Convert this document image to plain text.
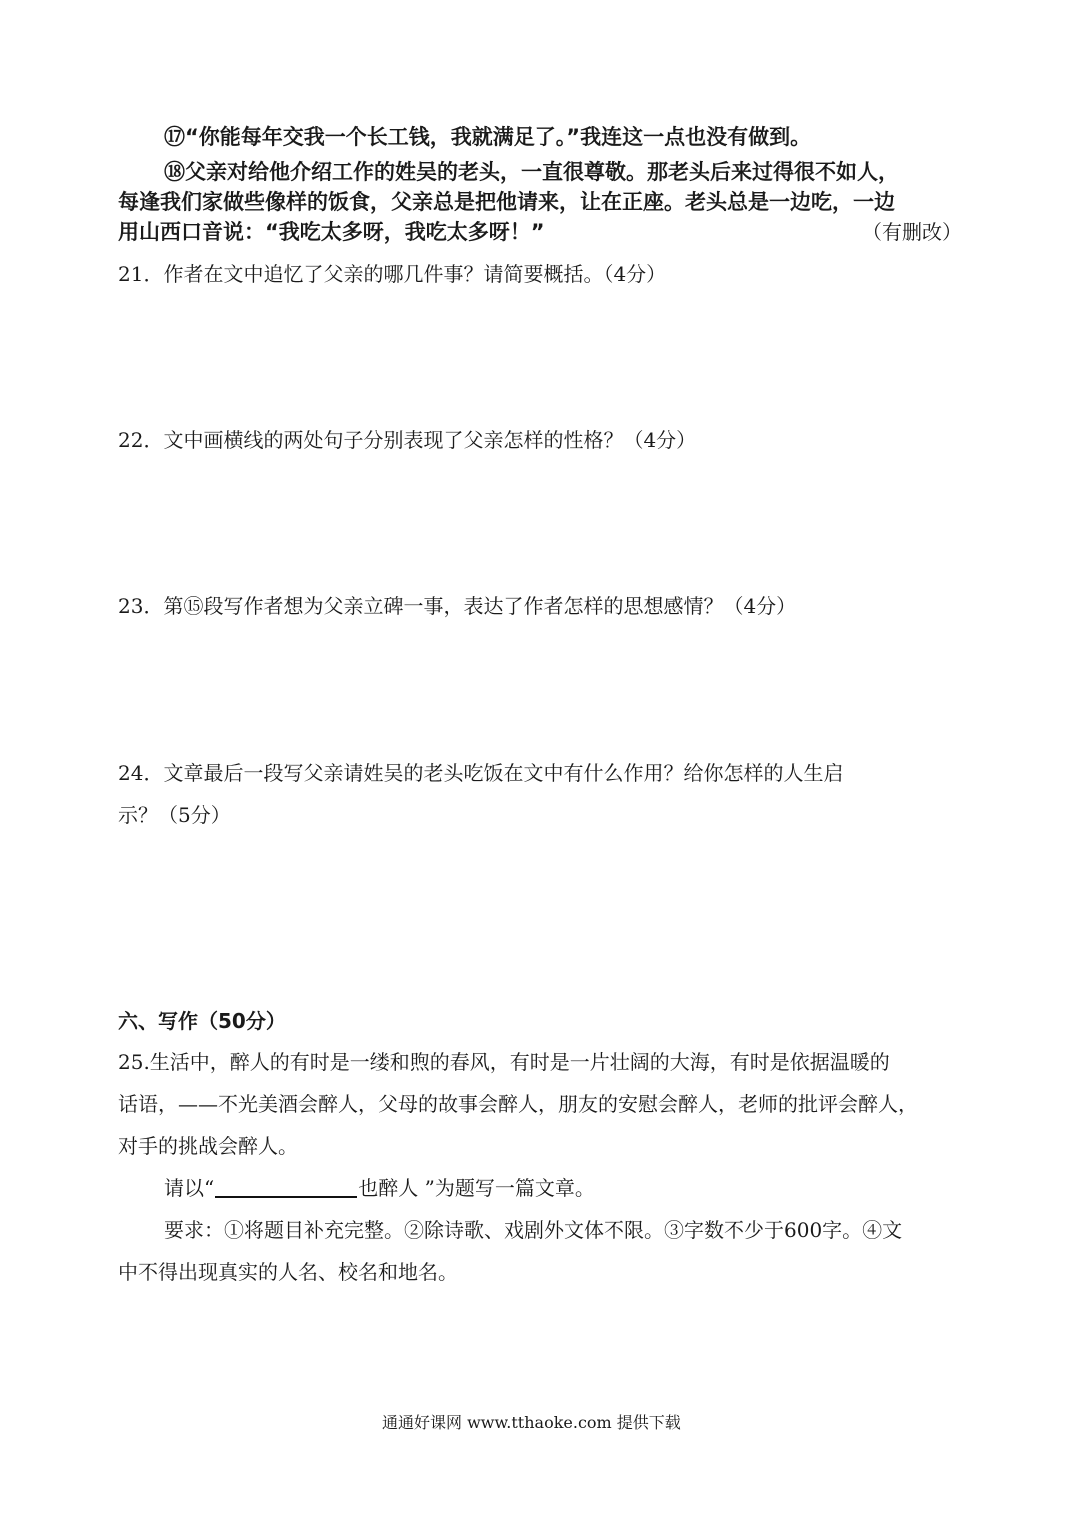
⑰“你能每年交我一个长工钱，我就满足了。”我连这一点也没有做到。
⑱父亲对给他介绍工作的姓吴的老头，一直很尊敬。那老头后来过得很不如人，
每逢我们家做些像样的饭食，父亲总是把他请来，让在正座。老头总是一边吃，一边
用山西口音说：“我吃太多呀，我吃太多呀！”	（有删改）
21．作者在文中追忆了父亲的哪几件事？请简要概括。（4分）
22．文中画横线的两处句子分别表现了父亲怎样的性格？（4分）
23．第⑮段写作者想为父亲立碑一事，表达了作者怎样的思想感情？（4分）
24．文章最后一段写父亲请姓吴的老头吃饭在文中有什么作用？给你怎样的人生启
示？（5分）
六、写作（50分）
25.生活中，醉人的有时是一缕和煦的春风，有时是一片壮阔的大海，有时是依据温暖的
话语，——不光美酒会醉人，父母的故事会醉人，朋友的安慰会醉人，老师的批评会醉人，
对手的挑战会醉人。
请以“	也醉人 ”为题写一篇文章。
要求：①将题目补充完整。②除诗歌、戏剧外文体不限。③字数不少于600字。④文
中不得出现真实的人名、校名和地名。
通通好课网 www.tthaoke.com 提供下载
